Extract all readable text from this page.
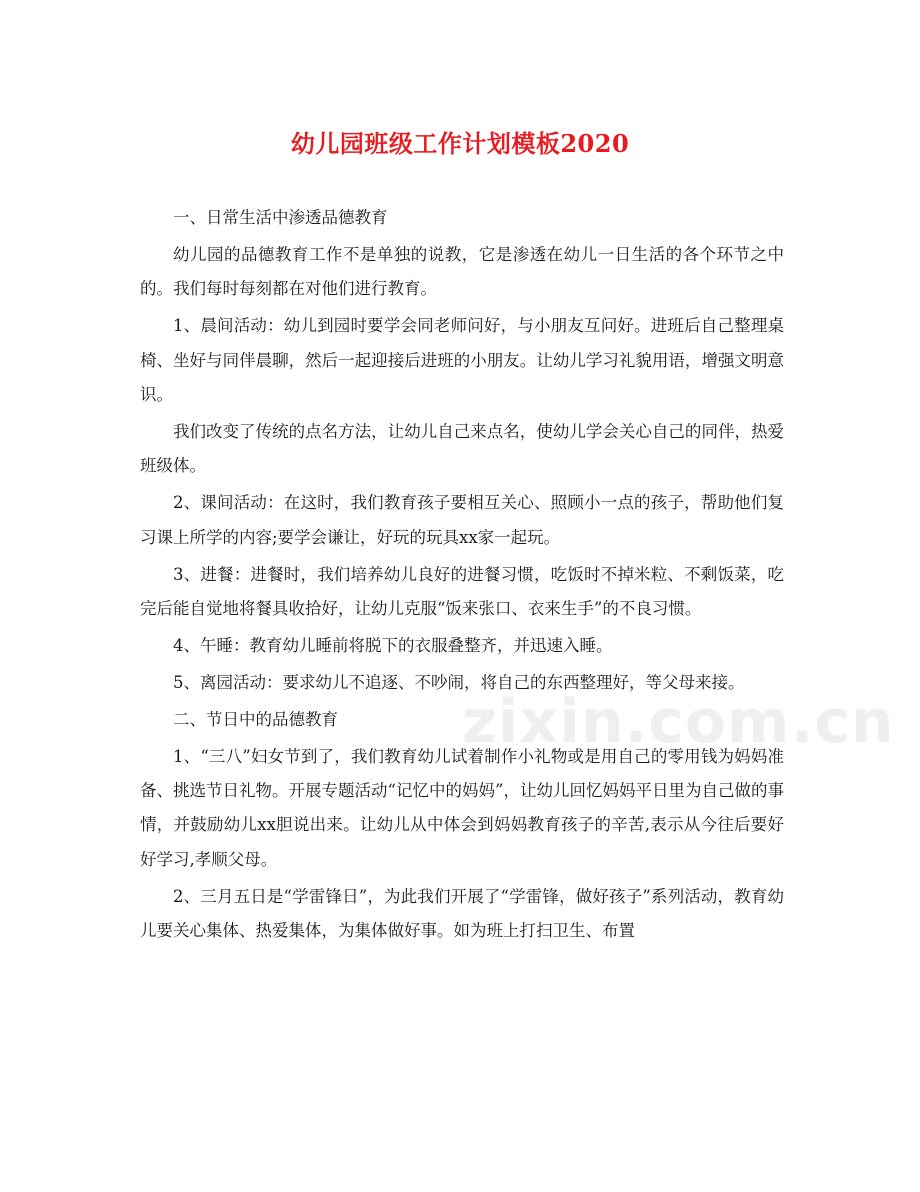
幼儿园班级工作计划模板2020

一、日常生活中渗透品德教育

幼儿园的品德教育工作不是单独的说教，它是渗透在幼儿一日生活的各个环节之中的。我们每时每刻都在对他们进行教育。

1、晨间活动：幼儿到园时要学会同老师问好，与小朋友互问好。进班后自己整理桌椅、坐好与同伴晨聊，然后一起迎接后进班的小朋友。让幼儿学习礼貌用语，增强文明意识。

我们改变了传统的点名方法，让幼儿自己来点名，使幼儿学会关心自己的同伴，热爱班级体。

2、课间活动：在这时，我们教育孩子要相互关心、照顾小一点的孩子，帮助他们复习课上所学的内容;要学会谦让，好玩的玩具xx家一起玩。

3、进餐：进餐时，我们培养幼儿良好的进餐习惯，吃饭时不掉米粒、不剩饭菜，吃完后能自觉地将餐具收拾好，让幼儿克服“饭来张口、衣来生手”的不良习惯。

4、午睡：教育幼儿睡前将脱下的衣服叠整齐，并迅速入睡。

5、离园活动：要求幼儿不追逐、不吵闹，将自己的东西整理好，等父母来接。

二、节日中的品德教育

1、“三八”妇女节到了，我们教育幼儿试着制作小礼物或是用自己的零用钱为妈妈准备、挑选节日礼物。开展专题活动“记忆中的妈妈”，让幼儿回忆妈妈平日里为自己做的事情，并鼓励幼儿xx胆说出来。让幼儿从中体会到妈妈教育孩子的辛苦,表示从今往后要好好学习,孝顺父母。

2、三月五日是“学雷锋日”，为此我们开展了“学雷锋，做好孩子”系列活动，教育幼儿要关心集体、热爱集体，为集体做好事。如为班上打扫卫生、布置

zixin.com.cn
